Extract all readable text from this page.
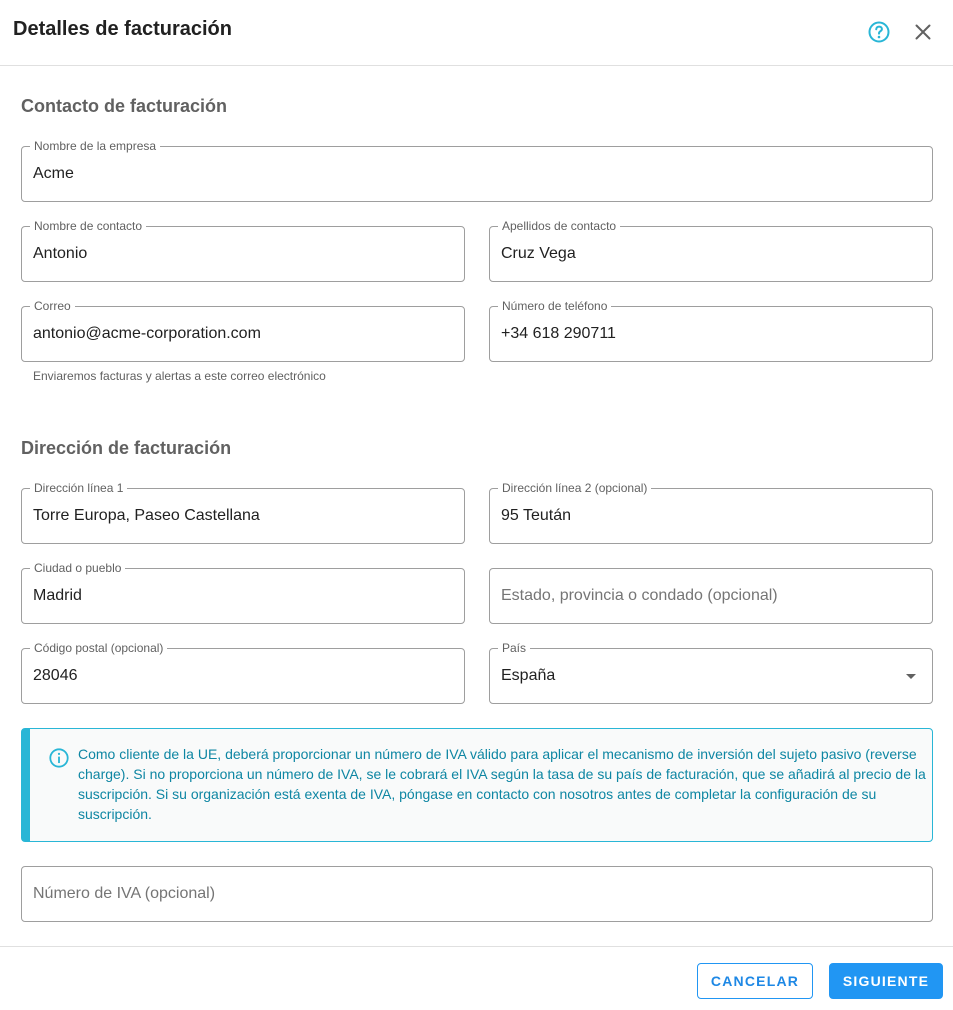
Detalles de facturación
Contacto de facturación
Nombre de la empresa
Acme
Nombre de contacto
Antonio
Apellidos de contacto
Cruz Vega
Correo
antonio@acme-corporation.com
Número de teléfono
+34 618 290711
Enviaremos facturas y alertas a este correo electrónico
Dirección de facturación
Dirección línea 1
Torre Europa, Paseo Castellana
Dirección línea 2 (opcional)
95 Teután
Ciudad o pueblo
Madrid	Estado, provincia o condado (opcional)
Código postal (opcional)
28046
País
España
Como cliente de la UE, deberá proporcionar un número de IVA válido para aplicar el mecanismo de inversión del sujeto pasivo (reverse charge). Si no proporciona un número de IVA, se le cobrará el IVA según la tasa de su país de facturación, que se añadirá al precio de la suscripción. Si su organización está exenta de IVA, póngase en contacto con nosotros antes de completar la configuración de su suscripción.
Número de IVA (opcional)
CANCELAR	SIGUIENTE
